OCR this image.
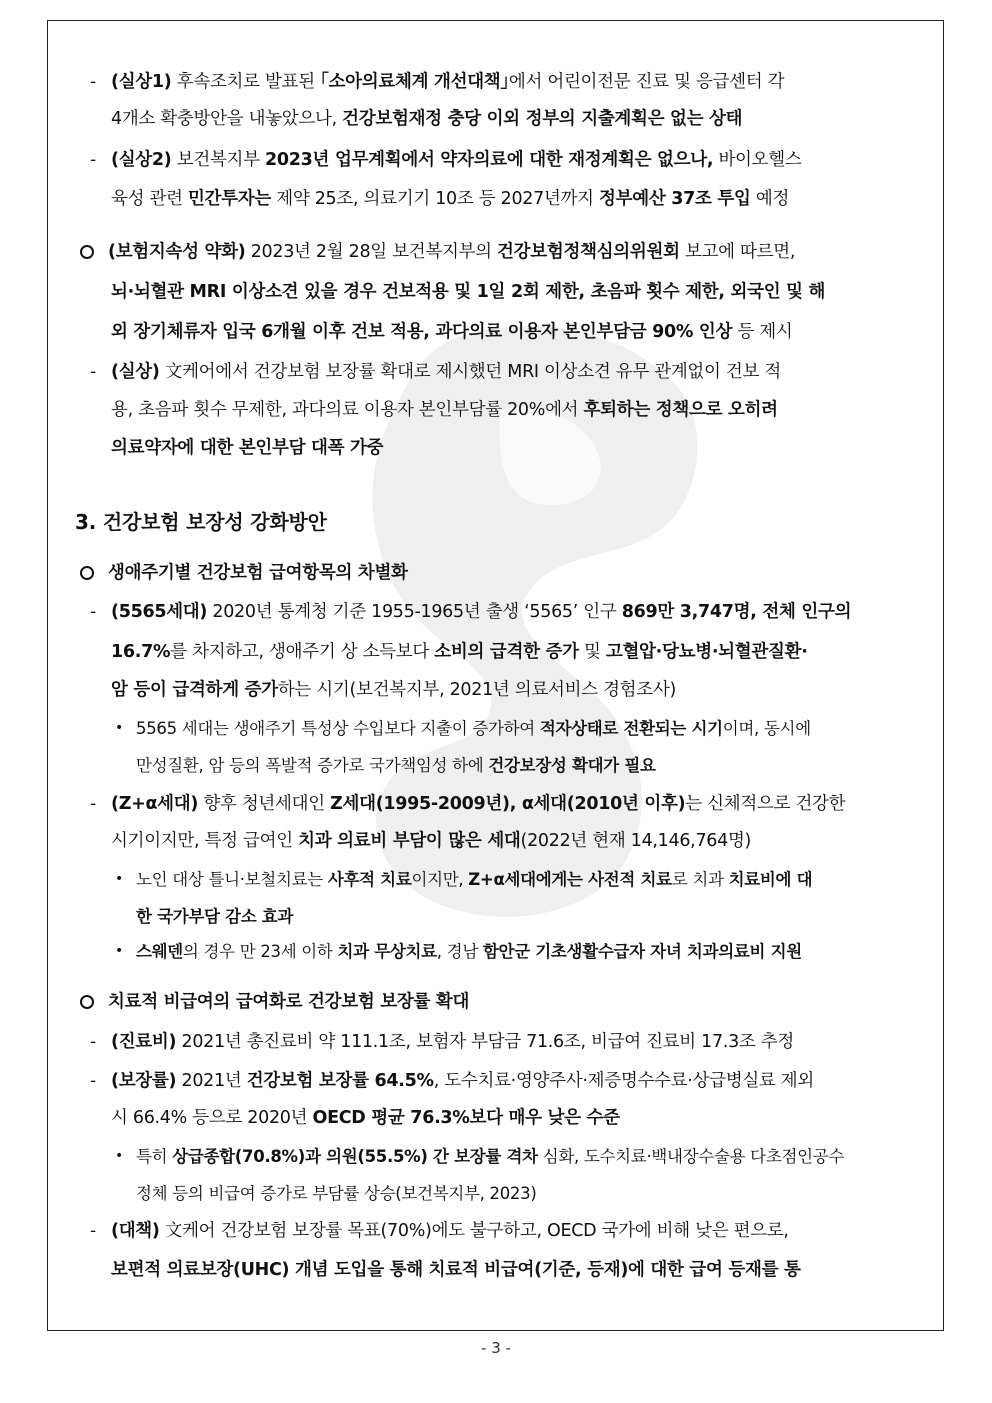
- (실상1) 후속조치로 발표된 ｢소아의료체계 개선대책｣에서 어린이전문 진료 및 응급센터 각
4개소 확충방안을 내놓았으나, 건강보험재정 충당 이외 정부의 지출계획은 없는 상태
- (실상2) 보건복지부 2023년 업무계획에서 약자의료에 대한 재정계획은 없으나, 바이오헬스
육성 관련 민간투자는 제약 25조, 의료기기 10조 등 2027년까지 정부예산 37조 투입 예정
(보험지속성 약화) 2023년 2월 28일 보건복지부의 건강보험정책심의위원회 보고에 따르면,
뇌·뇌혈관 MRI 이상소견 있을 경우 건보적용 및 1일 2회 제한, 초음파 횟수 제한, 외국인 및 해
외 장기체류자 입국 6개월 이후 건보 적용, 과다의료 이용자 본인부담금 90% 인상 등 제시
- (실상) 文케어에서 건강보험 보장률 확대로 제시했던 MRI 이상소견 유무 관계없이 건보 적
용, 초음파 횟수 무제한, 과다의료 이용자 본인부담률 20%에서 후퇴하는 정책으로 오히려
의료약자에 대한 본인부담 대폭 가중
3. 건강보험 보장성 강화방안
생애주기별 건강보험 급여항목의 차별화
- (5565세대) 2020년 통계청 기준 1955-1965년 출생 ‘5565’ 인구 869만 3,747명, 전체 인구의
16.7%를 차지하고, 생애주기 상 소득보다 소비의 급격한 증가 및 고혈압·당뇨병·뇌혈관질환·
암 등이 급격하게 증가하는 시기(보건복지부, 2021년 의료서비스 경험조사)
• 5565 세대는 생애주기 특성상 수입보다 지출이 증가하여 적자상태로 전환되는 시기이며, 동시에
만성질환, 암 등의 폭발적 증가로 국가책임성 하에 건강보장성 확대가 필요
- (Z+α세대) 향후 청년세대인 Z세대(1995-2009년), α세대(2010년 이후)는 신체적으로 건강한
시기이지만, 특정 급여인 치과 의료비 부담이 많은 세대(2022년 현재 14,146,764명)
• 노인 대상 틀니·보철치료는 사후적 치료이지만, Z+α세대에게는 사전적 치료로 치과 치료비에 대
한 국가부담 감소 효과
• 스웨덴의 경우 만 23세 이하 치과 무상치료, 경남 함안군 기초생활수급자 자녀 치과의료비 지원
치료적 비급여의 급여화로 건강보험 보장률 확대
- (진료비) 2021년 총진료비 약 111.1조, 보험자 부담금 71.6조, 비급여 진료비 17.3조 추정
- (보장률) 2021년 건강보험 보장률 64.5%, 도수치료·영양주사·제증명수수료·상급병실료 제외
시 66.4% 등으로 2020년 OECD 평균 76.3%보다 매우 낮은 수준
• 특히 상급종합(70.8%)과 의원(55.5%) 간 보장률 격차 심화, 도수치료·백내장수술용 다초점인공수
정체 등의 비급여 증가로 부담률 상승(보건복지부, 2023)
- (대책) 文케어 건강보험 보장률 목표(70%)에도 불구하고, OECD 국가에 비해 낮은 편으로,
보편적 의료보장(UHC) 개념 도입을 통해 치료적 비급여(기준, 등재)에 대한 급여 등재를 통
- 3 -
